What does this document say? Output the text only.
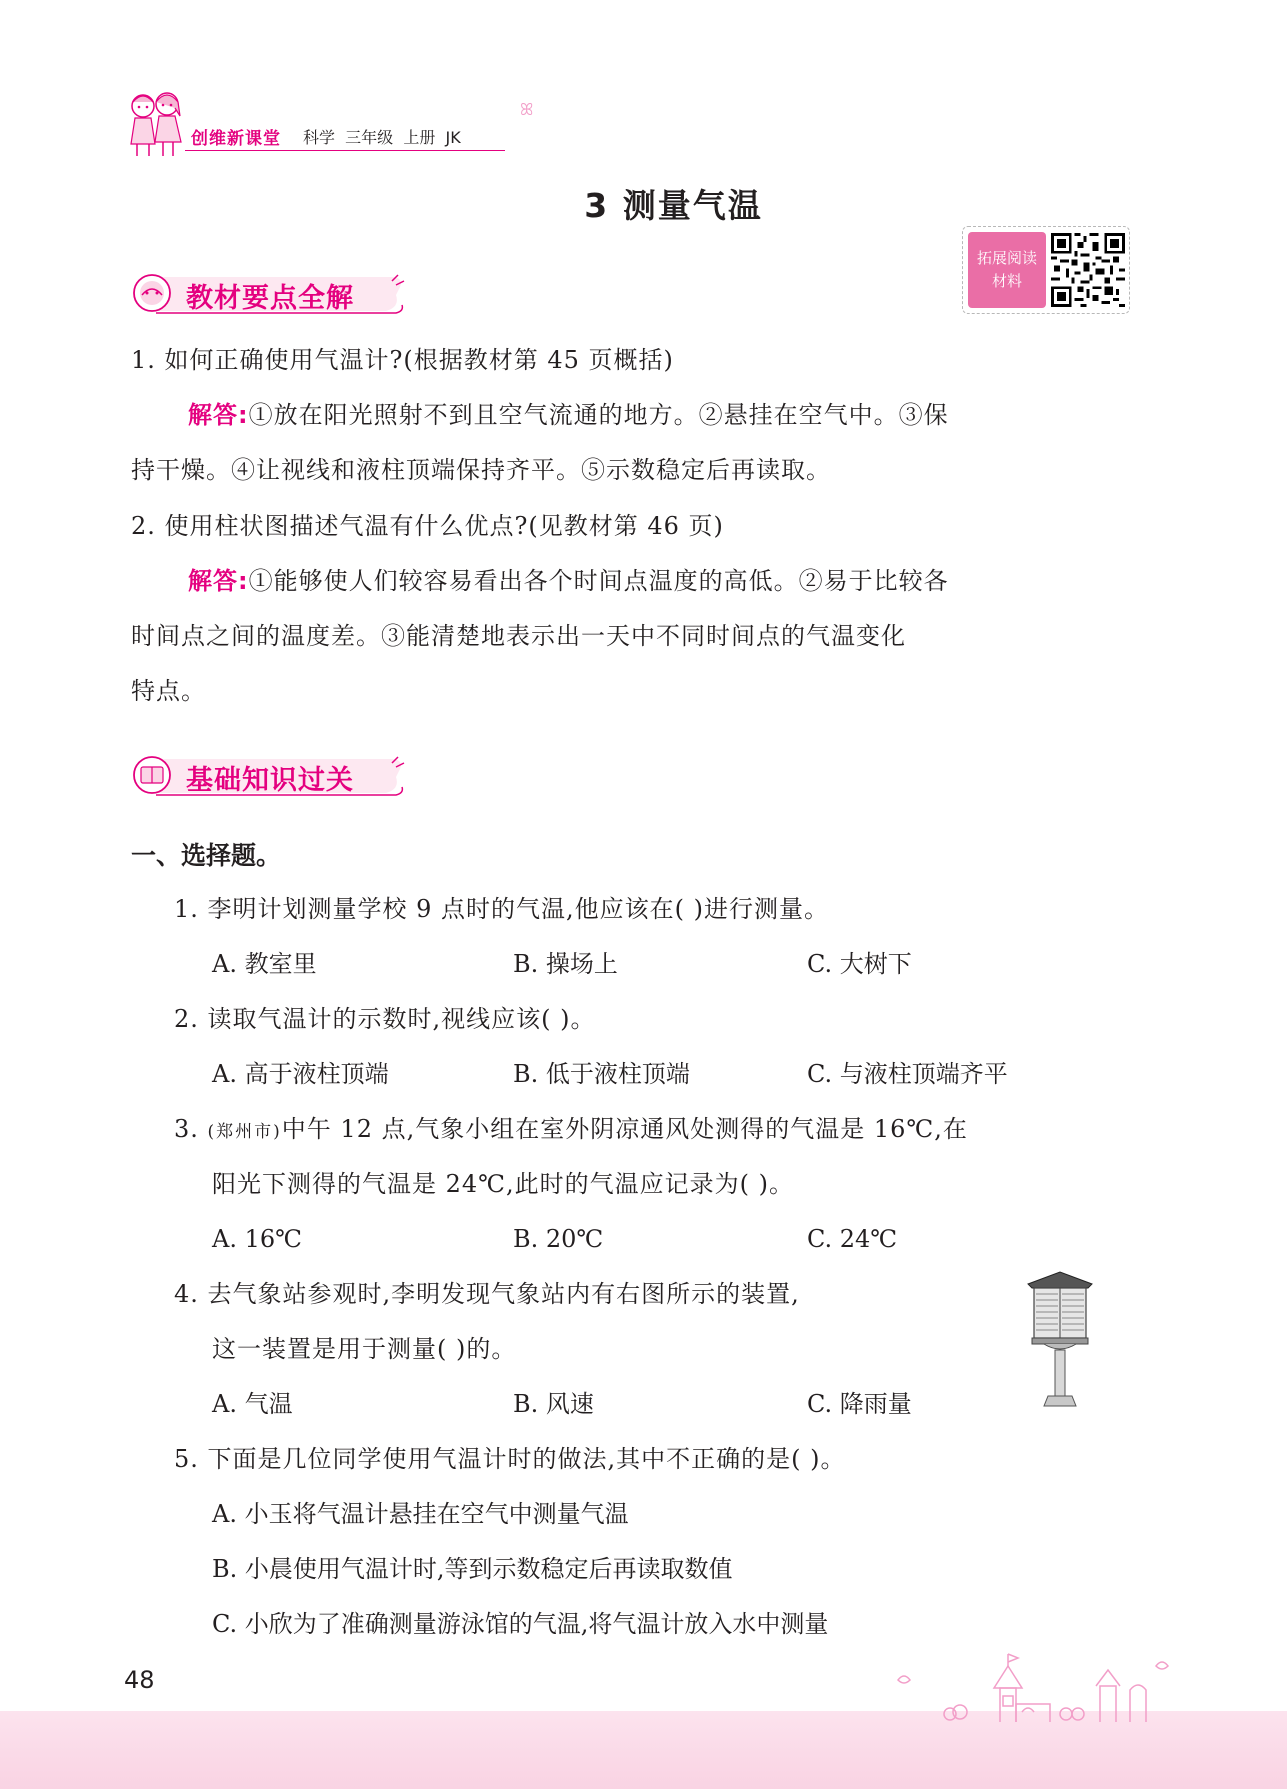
创维新课堂 科学  三年级  上册  JK
ꕤ
3 测量气温
拓展阅读
材料
教材要点全解
1. 如何正确使用气温计?(根据教材第 45 页概括)
解答:①放在阳光照射不到且空气流通的地方。②悬挂在空气中。③保
持干燥。④让视线和液柱顶端保持齐平。⑤示数稳定后再读取。
2. 使用柱状图描述气温有什么优点?(见教材第 46 页)
解答:①能够使人们较容易看出各个时间点温度的高低。②易于比较各
时间点之间的温度差。③能清楚地表示出一天中不同时间点的气温变化
特点。
基础知识过关
一、选择题。
1. 李明计划测量学校 9 点时的气温,他应该在( )进行测量。
A. 教室里	B. 操场上	C. 大树下
2. 读取气温计的示数时,视线应该( )。
A. 高于液柱顶端	B. 低于液柱顶端	C. 与液柱顶端齐平
3. (郑州市)中午 12 点,气象小组在室外阴凉通风处测得的气温是 16℃,在
阳光下测得的气温是 24℃,此时的气温应记录为( )。
A. 16℃	B. 20℃	C. 24℃
4. 去气象站参观时,李明发现气象站内有右图所示的装置,
这一装置是用于测量( )的。
A. 气温	B. 风速	C. 降雨量
5. 下面是几位同学使用气温计时的做法,其中不正确的是( )。
A. 小玉将气温计悬挂在空气中测量气温
B. 小晨使用气温计时,等到示数稳定后再读取数值
C. 小欣为了准确测量游泳馆的气温,将气温计放入水中测量
48
